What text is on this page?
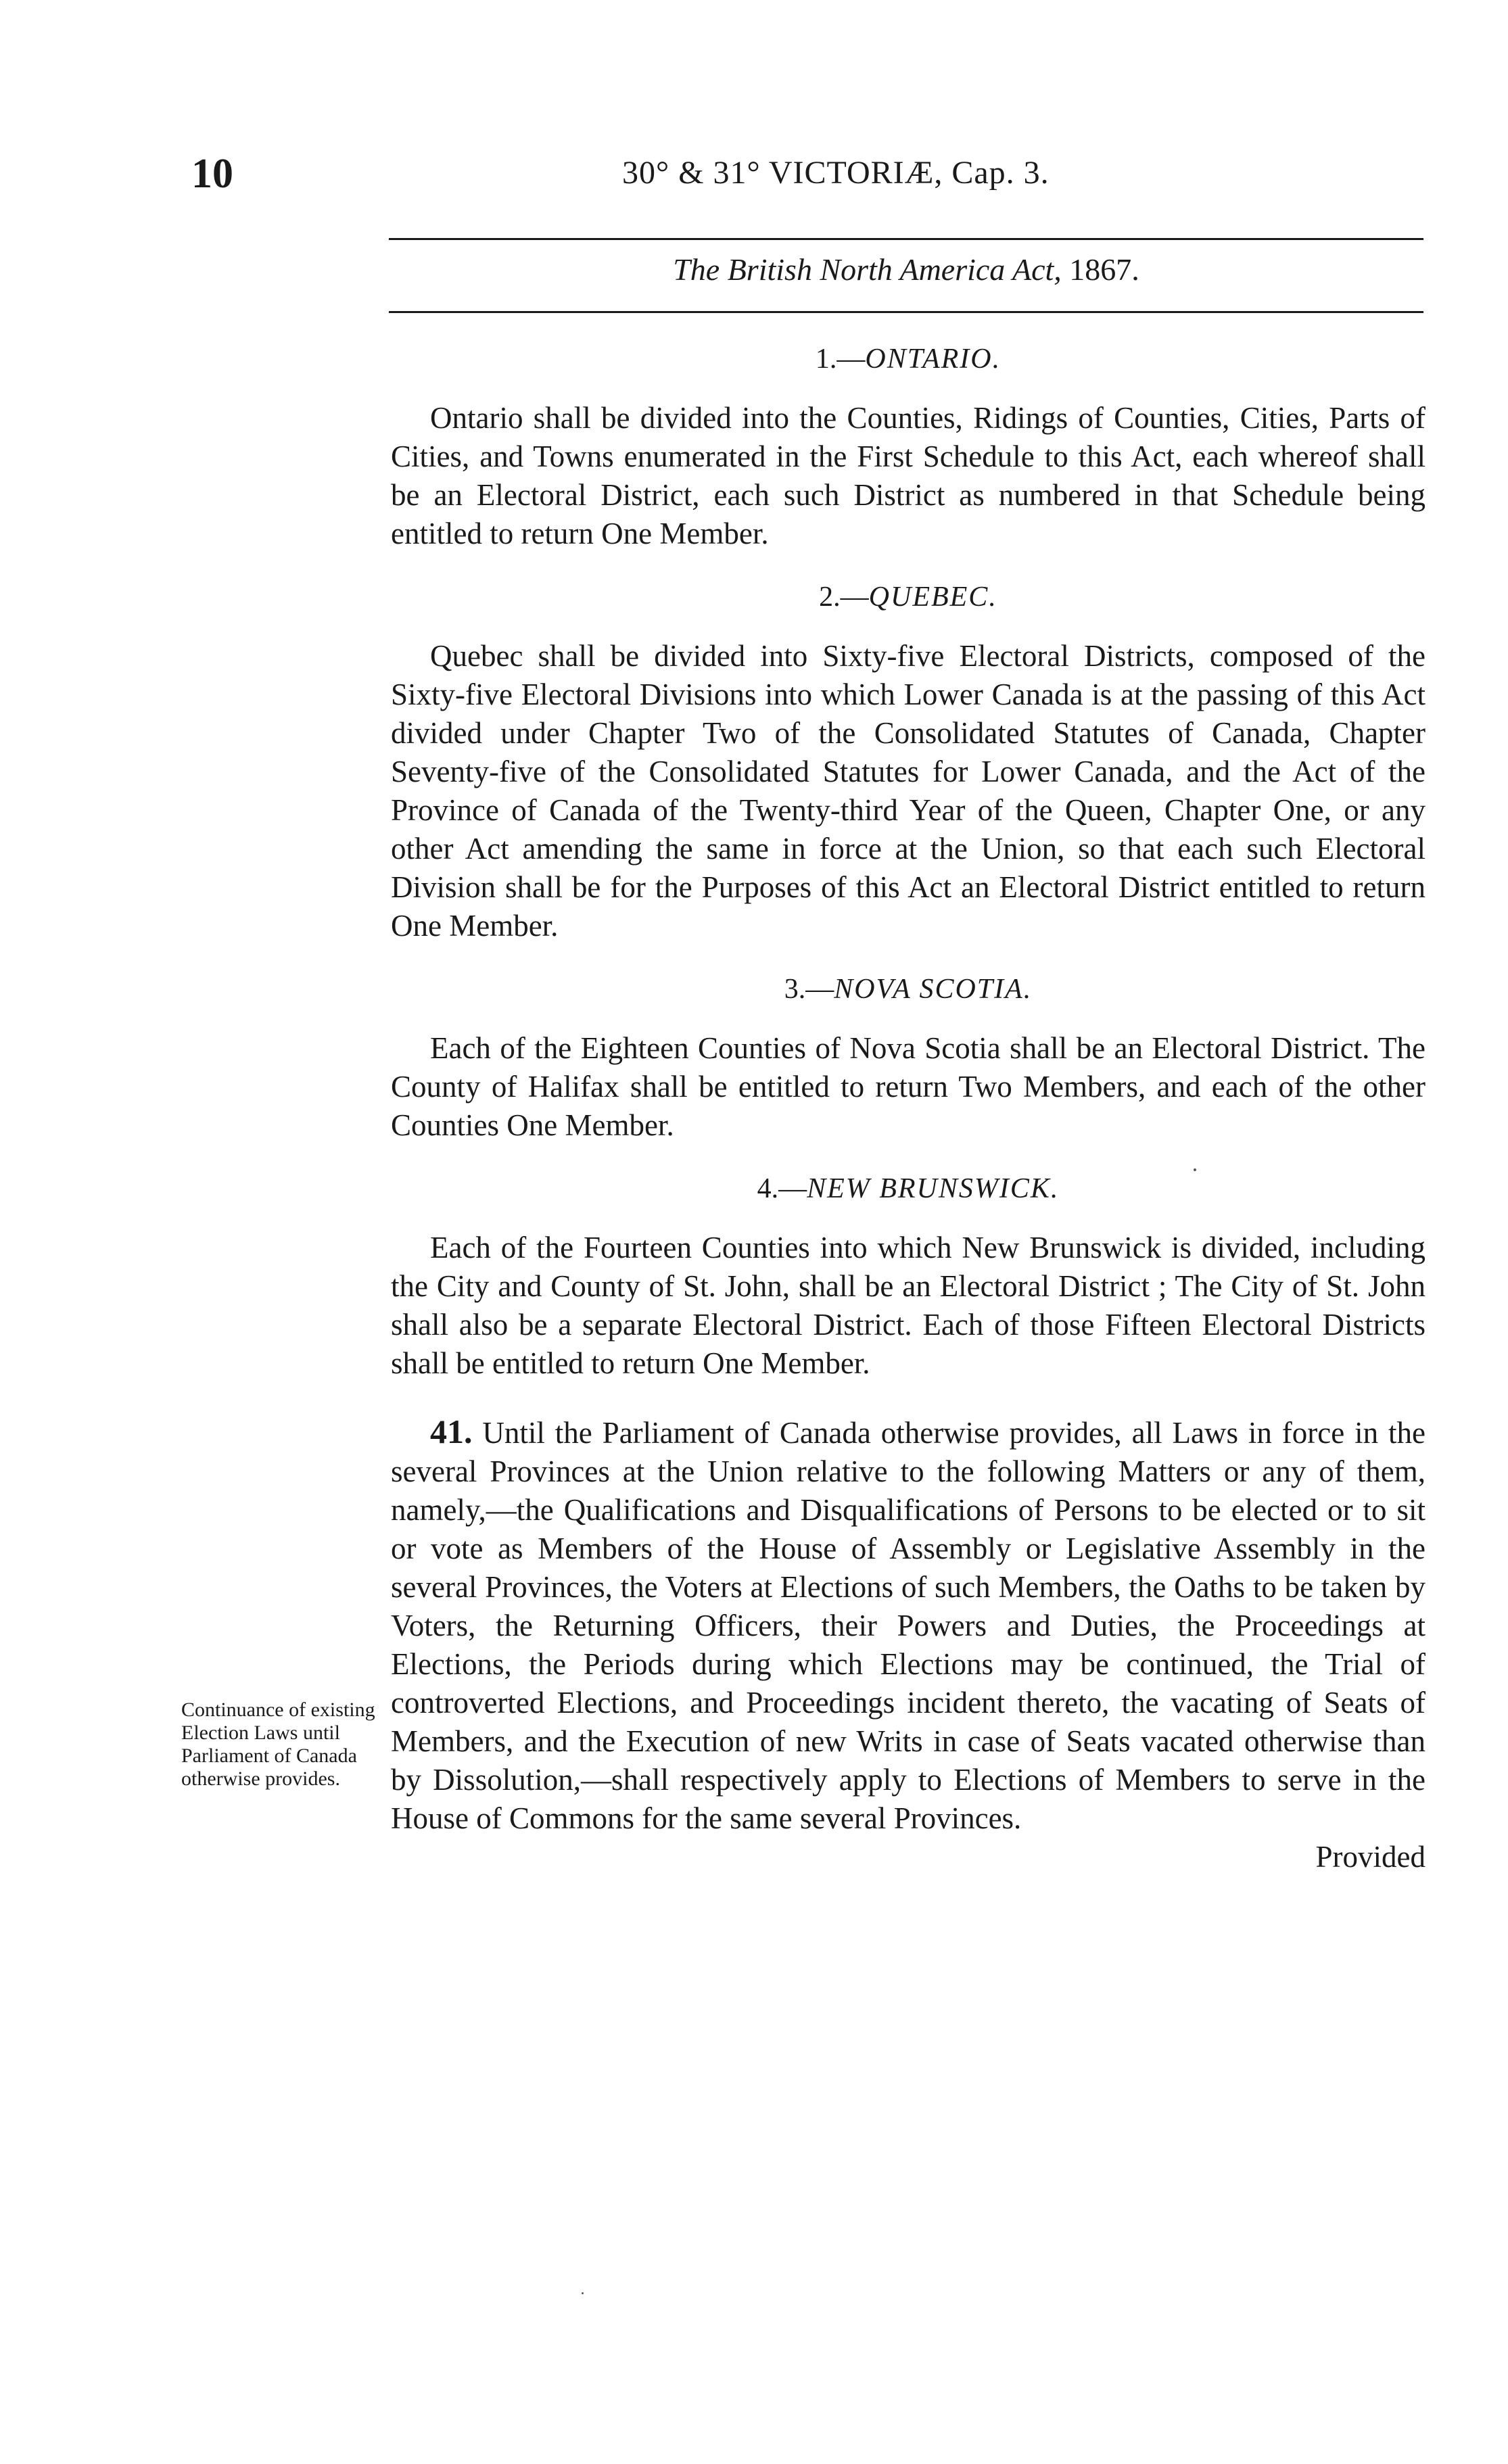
10	30° & 31° VICTORIÆ, Cap. 3.
The British North America Act, 1867.
1.—ONTARIO.

Ontario shall be divided into the Counties, Ridings of Counties, Cities, Parts of Cities, and Towns enumerated in the First Schedule to this Act, each whereof shall be an Electoral District, each such District as numbered in that Schedule being entitled to return One Member.

2.—QUEBEC.

Quebec shall be divided into Sixty-five Electoral Districts, composed of the Sixty-five Electoral Divisions into which Lower Canada is at the passing of this Act divided under Chapter Two of the Consolidated Statutes of Canada, Chapter Seventy-five of the Consolidated Statutes for Lower Canada, and the Act of the Province of Canada of the Twenty-third Year of the Queen, Chapter One, or any other Act amending the same in force at the Union, so that each such Electoral Division shall be for the Purposes of this Act an Electoral District entitled to return One Member.

3.—NOVA SCOTIA.

Each of the Eighteen Counties of Nova Scotia shall be an Electoral District. The County of Halifax shall be entitled to return Two Members, and each of the other Counties One Member.

4.—NEW BRUNSWICK.

Each of the Fourteen Counties into which New Brunswick is divided, including the City and County of St. John, shall be an Electoral District ; The City of St. John shall also be a separate Electoral District. Each of those Fifteen Electoral Districts shall be entitled to return One Member.

41. Until the Parliament of Canada otherwise provides, all Laws in force in the several Provinces at the Union relative to the following Matters or any of them, namely,—the Qualifications and Disqualifications of Persons to be elected or to sit or vote as Members of the House of Assembly or Legislative Assembly in the several Provinces, the Voters at Elections of such Members, the Oaths to be taken by Voters, the Returning Officers, their Powers and Duties, the Proceedings at Elections, the Periods during which Elections may be continued, the Trial of controverted Elections, and Proceedings incident thereto, the vacating of Seats of Members, and the Execution of new Writs in case of Seats vacated otherwise than by Dissolution,—shall respectively apply to Elections of Members to serve in the House of Commons for the same several Provinces.

Provided
Continuance of existing Election Laws until Parliament of Canada otherwise provides.
